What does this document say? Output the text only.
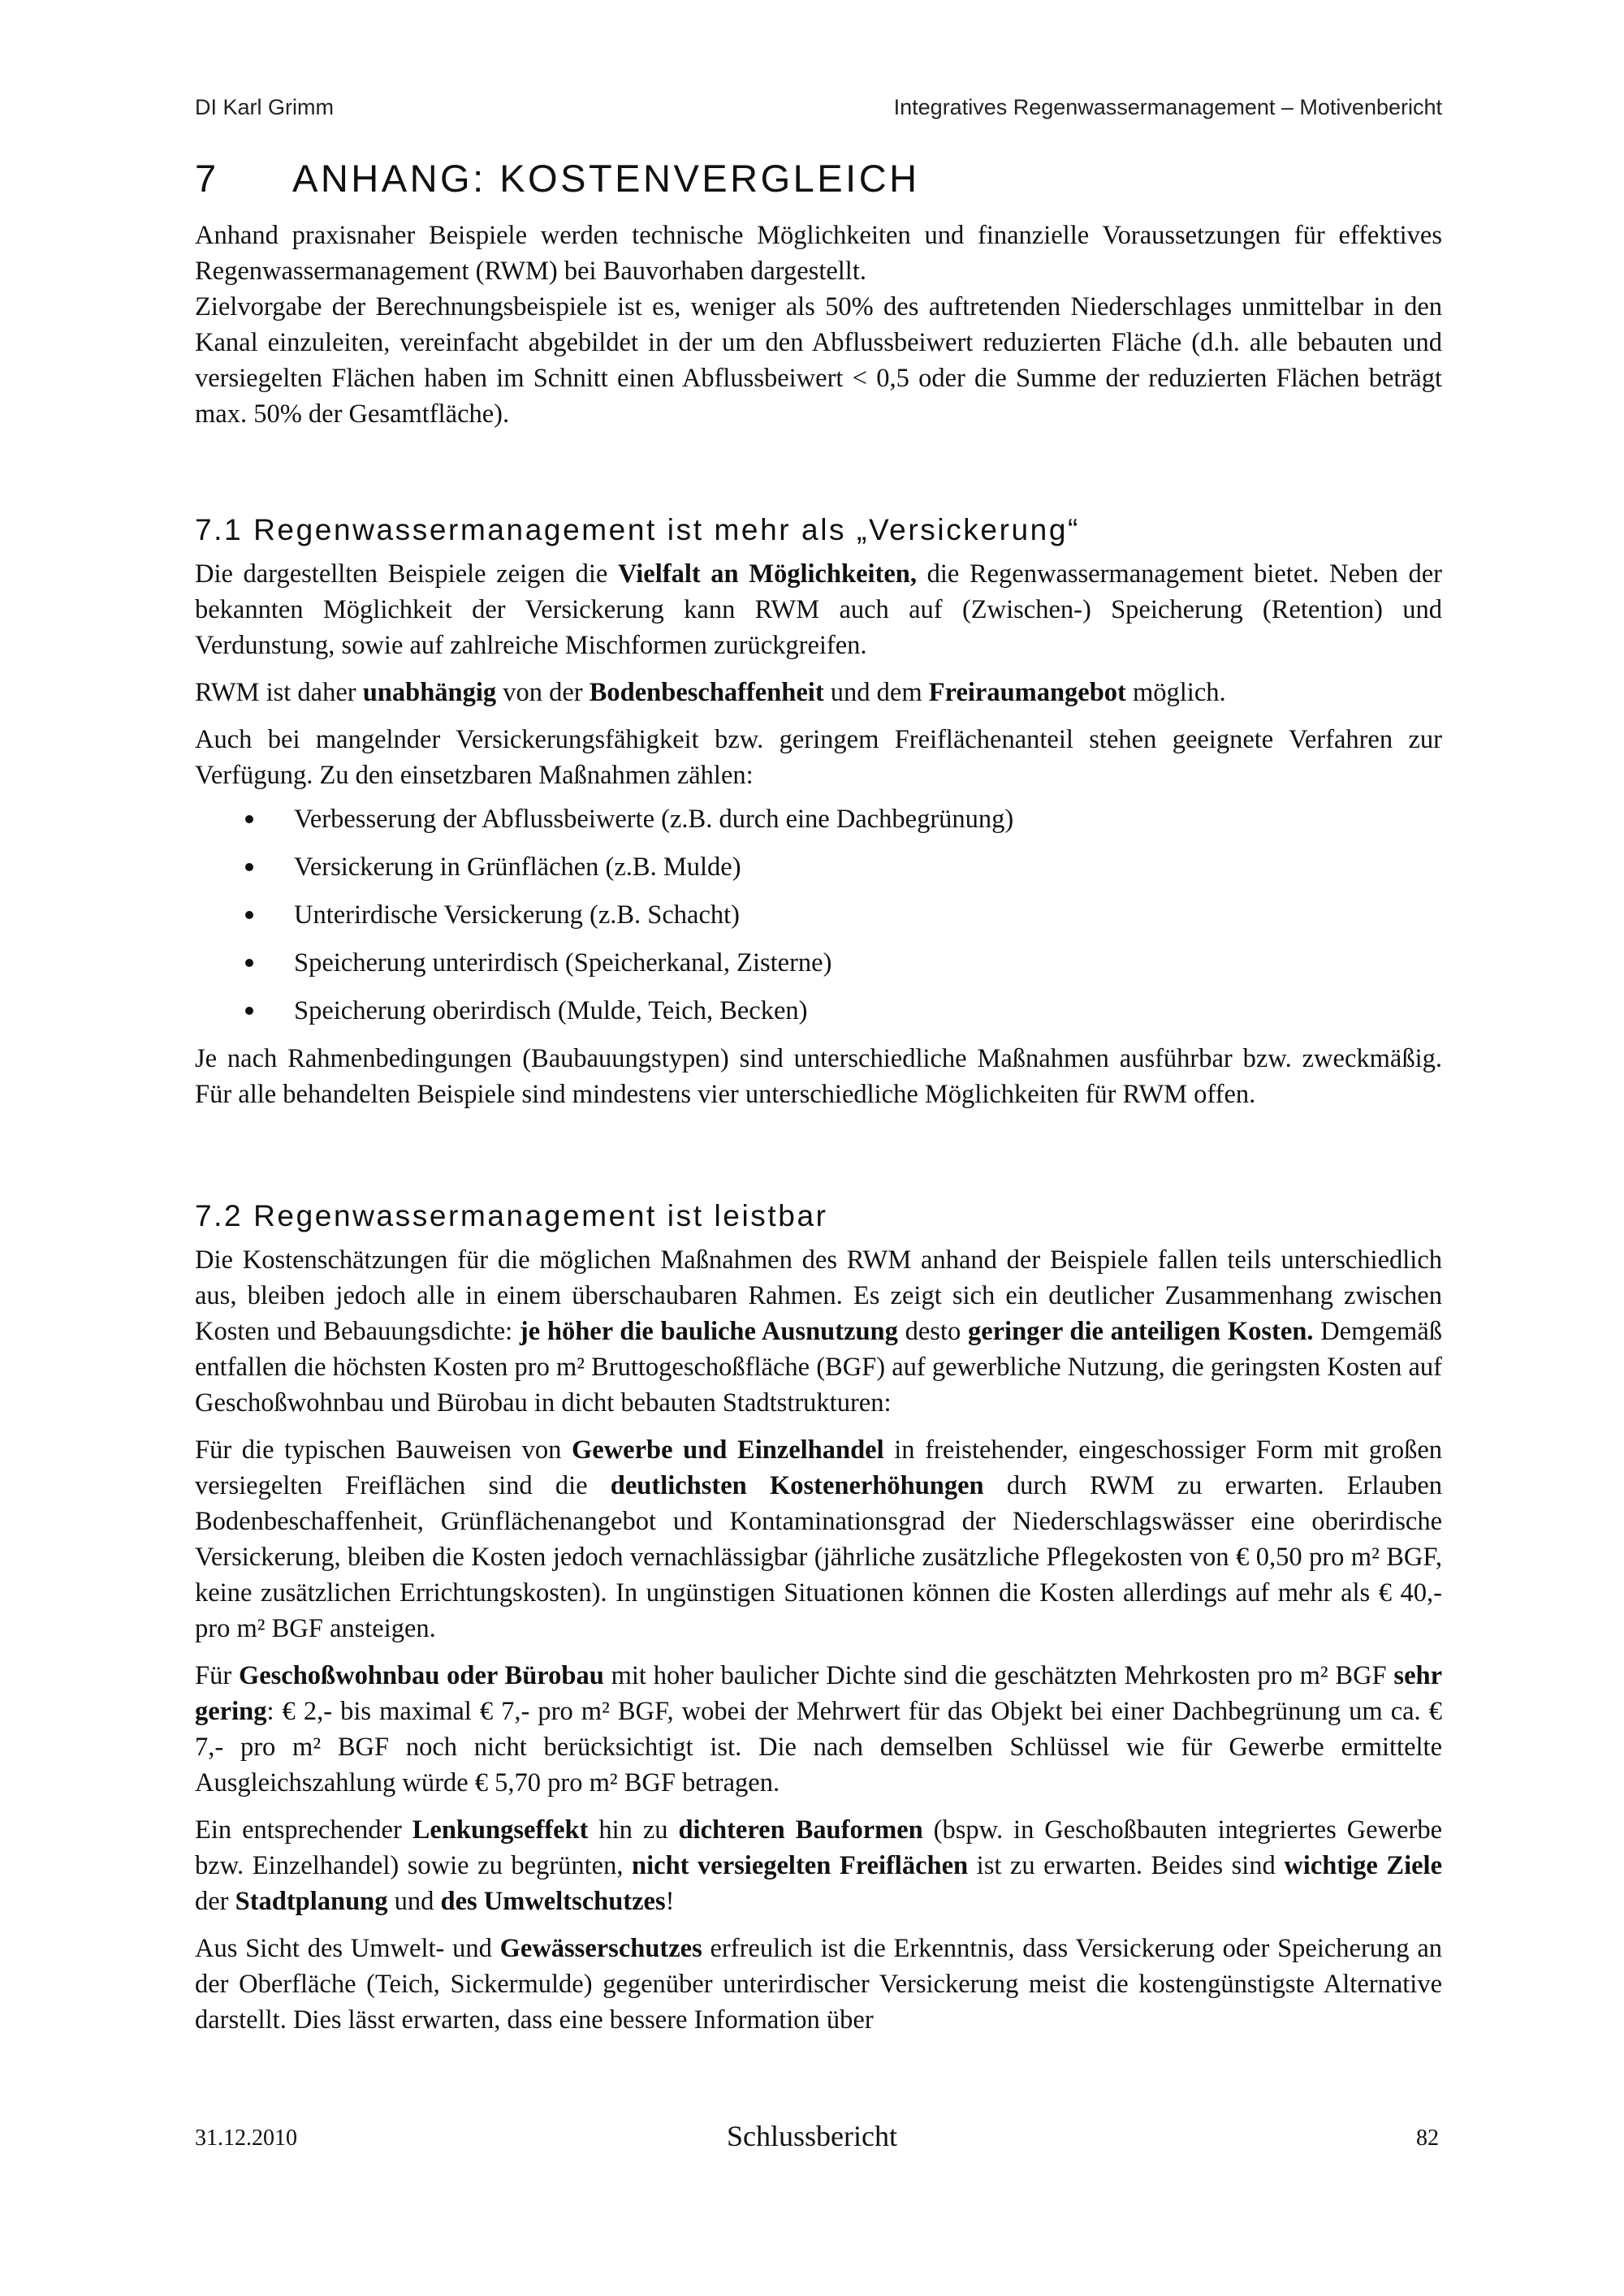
DI Karl Grimm	Integratives Regenwassermanagement – Motivenbericht
7 ANHANG: KOSTENVERGLEICH

Anhand praxisnaher Beispiele werden technische Möglichkeiten und finanzielle Voraussetzungen für effektives Regenwassermanagement (RWM) bei Bauvorhaben dargestellt.

Zielvorgabe der Berechnungsbeispiele ist es, weniger als 50% des auftretenden Niederschlages unmittelbar in den Kanal einzuleiten, vereinfacht abgebildet in der um den Abflussbeiwert reduzierten Fläche (d.h. alle bebauten und versiegelten Flächen haben im Schnitt einen Abflussbeiwert < 0,5 oder die Summe der reduzierten Flächen beträgt max. 50% der Gesamtfläche).

7.1 Regenwassermanagement ist mehr als „Versickerung“

Die dargestellten Beispiele zeigen die Vielfalt an Möglichkeiten, die Regenwassermanagement bietet. Neben der bekannten Möglichkeit der Versickerung kann RWM auch auf (Zwischen-) Speicherung (Retention) und Verdunstung, sowie auf zahlreiche Mischformen zurückgreifen.

RWM ist daher unabhängig von der Bodenbeschaffenheit und dem Freiraumangebot möglich.

Auch bei mangelnder Versickerungsfähigkeit bzw. geringem Freiflächenanteil stehen geeignete Verfahren zur Verfügung. Zu den einsetzbaren Maßnahmen zählen:

Verbesserung der Abflussbeiwerte (z.B. durch eine Dachbegrünung)
Versickerung in Grünflächen (z.B. Mulde)
Unterirdische Versickerung (z.B. Schacht)
Speicherung unterirdisch (Speicherkanal, Zisterne)
Speicherung oberirdisch (Mulde, Teich, Becken)

Je nach Rahmenbedingungen (Baubauungstypen) sind unterschiedliche Maßnahmen ausführbar bzw. zweckmäßig. Für alle behandelten Beispiele sind mindestens vier unterschiedliche Möglichkeiten für RWM offen.

7.2 Regenwassermanagement ist leistbar

Die Kostenschätzungen für die möglichen Maßnahmen des RWM anhand der Beispiele fallen teils unterschiedlich aus, bleiben jedoch alle in einem überschaubaren Rahmen. Es zeigt sich ein deutlicher Zusammenhang zwischen Kosten und Bebauungsdichte: je höher die bauliche Ausnutzung desto geringer die anteiligen Kosten. Demgemäß entfallen die höchsten Kosten pro m² Bruttogeschoßfläche (BGF) auf gewerbliche Nutzung, die geringsten Kosten auf Geschoßwohnbau und Bürobau in dicht bebauten Stadtstrukturen:

Für die typischen Bauweisen von Gewerbe und Einzelhandel in freistehender, eingeschossiger Form mit großen versiegelten Freiflächen sind die deutlichsten Kostenerhöhungen durch RWM zu erwarten. Erlauben Bodenbeschaffenheit, Grünflächenangebot und Kontaminationsgrad der Niederschlagswässer eine oberirdische Versickerung, bleiben die Kosten jedoch vernachlässigbar (jährliche zusätzliche Pflegekosten von € 0,50 pro m² BGF, keine zusätzlichen Errichtungskosten). In ungünstigen Situationen können die Kosten allerdings auf mehr als € 40,- pro m² BGF ansteigen.

Für Geschoßwohnbau oder Bürobau mit hoher baulicher Dichte sind die geschätzten Mehrkosten pro m² BGF sehr gering: € 2,- bis maximal € 7,- pro m² BGF, wobei der Mehrwert für das Objekt bei einer Dachbegrünung um ca. € 7,- pro m² BGF noch nicht berücksichtigt ist. Die nach demselben Schlüssel wie für Gewerbe ermittelte Ausgleichszahlung würde € 5,70 pro m² BGF betragen.

Ein entsprechender Lenkungseffekt hin zu dichteren Bauformen (bspw. in Geschoßbauten integriertes Gewerbe bzw. Einzelhandel) sowie zu begrünten, nicht versiegelten Freiflächen ist zu erwarten. Beides sind wichtige Ziele der Stadtplanung und des Umweltschutzes!

Aus Sicht des Umwelt- und Gewässerschutzes erfreulich ist die Erkenntnis, dass Versickerung oder Speicherung an der Oberfläche (Teich, Sickermulde) gegenüber unterirdischer Versickerung meist die kostengünstigste Alternative darstellt. Dies lässt erwarten, dass eine bessere Information über

31.12.2010	Schlussbericht	82
